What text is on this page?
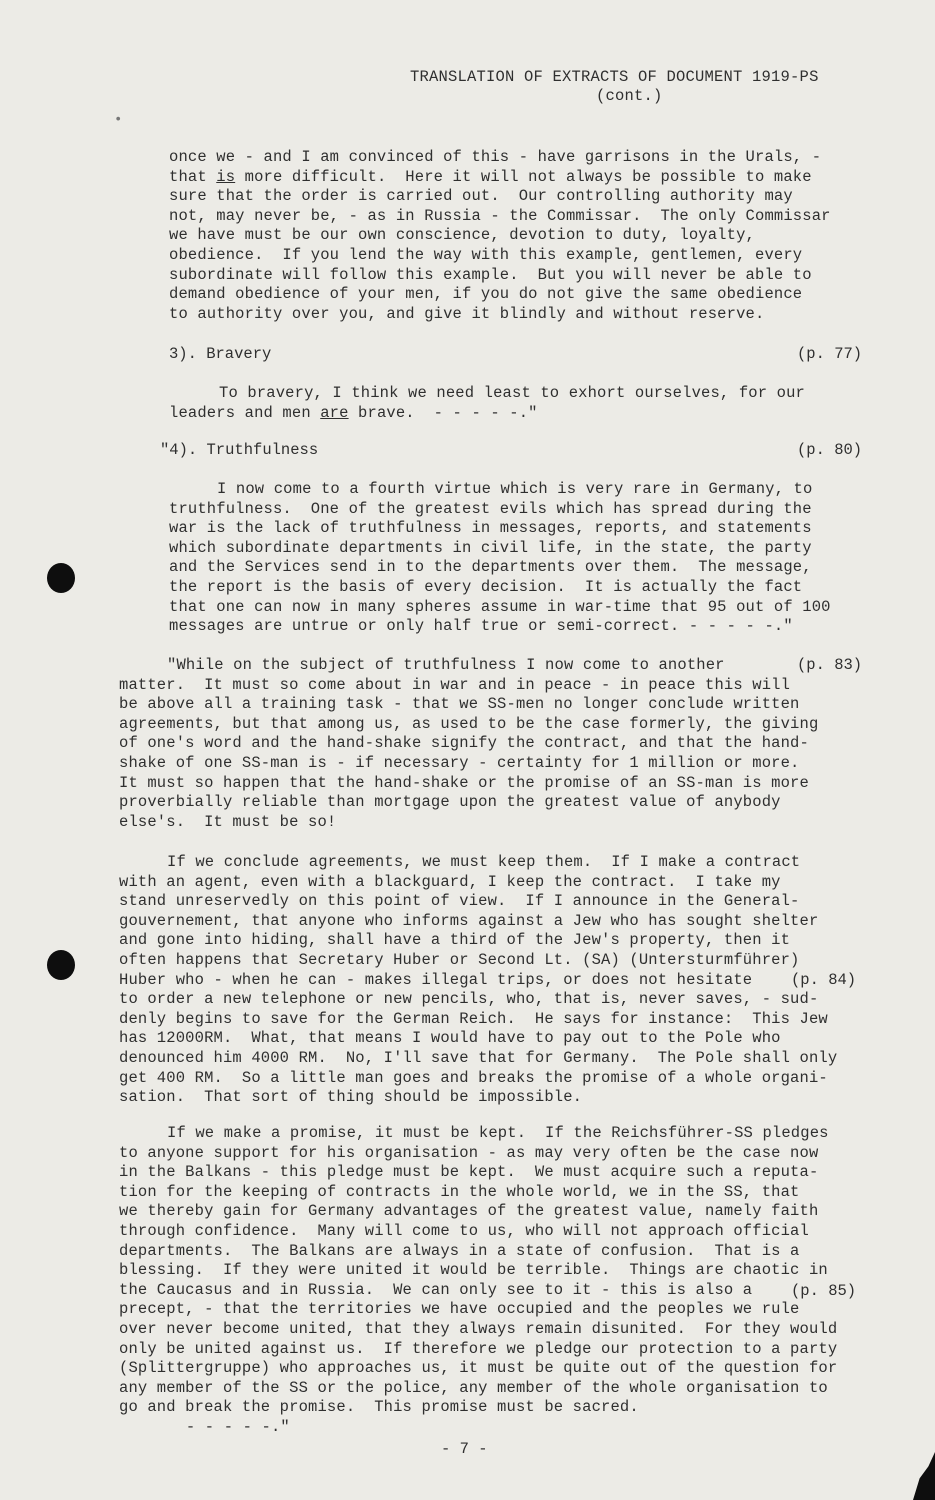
•
TRANSLATION OF EXTRACTS OF DOCUMENT 1919-PS
(cont.)
once we - and I am convinced of this - have garrisons in the Urals, -
that is more difficult.  Here it will not always be possible to make
sure that the order is carried out.  Our controlling authority may
not, may never be, - as in Russia - the Commissar.  The only Commissar
we have must be our own conscience, devotion to duty, loyalty,
obedience.  If you lend the way with this example, gentlemen, every
subordinate will follow this example.  But you will never be able to
demand obedience of your men, if you do not give the same obedience
to authority over you, and give it blindly and without reserve.
3). Bravery	(p. 77)
To bravery, I think we need least to exhort ourselves, for our
leaders and men are brave.  - - - - -."
"4). Truthfulness	(p. 80)
I now come to a fourth virtue which is very rare in Germany, to
truthfulness.  One of the greatest evils which has spread during the
war is the lack of truthfulness in messages, reports, and statements
which subordinate departments in civil life, in the state, the party
and the Services send in to the departments over them.  The message,
the report is the basis of every decision.  It is actually the fact
that one can now in many spheres assume in war-time that 95 out of 100
messages are untrue or only half true or semi-correct. - - - - -."
(p. 83)
"While on the subject of truthfulness I now come to another
matter.  It must so come about in war and in peace - in peace this will
be above all a training task - that we SS-men no longer conclude written
agreements, but that among us, as used to be the case formerly, the giving
of one's word and the hand-shake signify the contract, and that the hand-
shake of one SS-man is - if necessary - certainty for 1 million or more.
It must so happen that the hand-shake or the promise of an SS-man is more
proverbially reliable than mortgage upon the greatest value of anybody
else's.  It must be so!
(p. 84)
If we conclude agreements, we must keep them.  If I make a contract
with an agent, even with a blackguard, I keep the contract.  I take my
stand unreservedly on this point of view.  If I announce in the General-
gouvernement, that anyone who informs against a Jew who has sought shelter
and gone into hiding, shall have a third of the Jew's property, then it
often happens that Secretary Huber or Second Lt. (SA) (Untersturmführer)
Huber who - when he can - makes illegal trips, or does not hesitate
to order a new telephone or new pencils, who, that is, never saves, - sud-
denly begins to save for the German Reich.  He says for instance:  This Jew
has 12000RM.  What, that means I would have to pay out to the Pole who
denounced him 4000 RM.  No, I'll save that for Germany.  The Pole shall only
get 400 RM.  So a little man goes and breaks the promise of a whole organi-
sation.  That sort of thing should be impossible.
(p. 85)
If we make a promise, it must be kept.  If the Reichsführer-SS pledges
to anyone support for his organisation - as may very often be the case now
in the Balkans - this pledge must be kept.  We must acquire such a reputa-
tion for the keeping of contracts in the whole world, we in the SS, that
we thereby gain for Germany advantages of the greatest value, namely faith
through confidence.  Many will come to us, who will not approach official
departments.  The Balkans are always in a state of confusion.  That is a
blessing.  If they were united it would be terrible.  Things are chaotic in
the Caucasus and in Russia.  We can only see to it - this is also a
precept, - that the territories we have occupied and the peoples we rule
over never become united, that they always remain disunited.  For they would
only be united against us.  If therefore we pledge our protection to a party
(Splittergruppe) who approaches us, it must be quite out of the question for
any member of the SS or the police, any member of the whole organisation to
go and break the promise.  This promise must be sacred.
- - - - -."
- 7 -
